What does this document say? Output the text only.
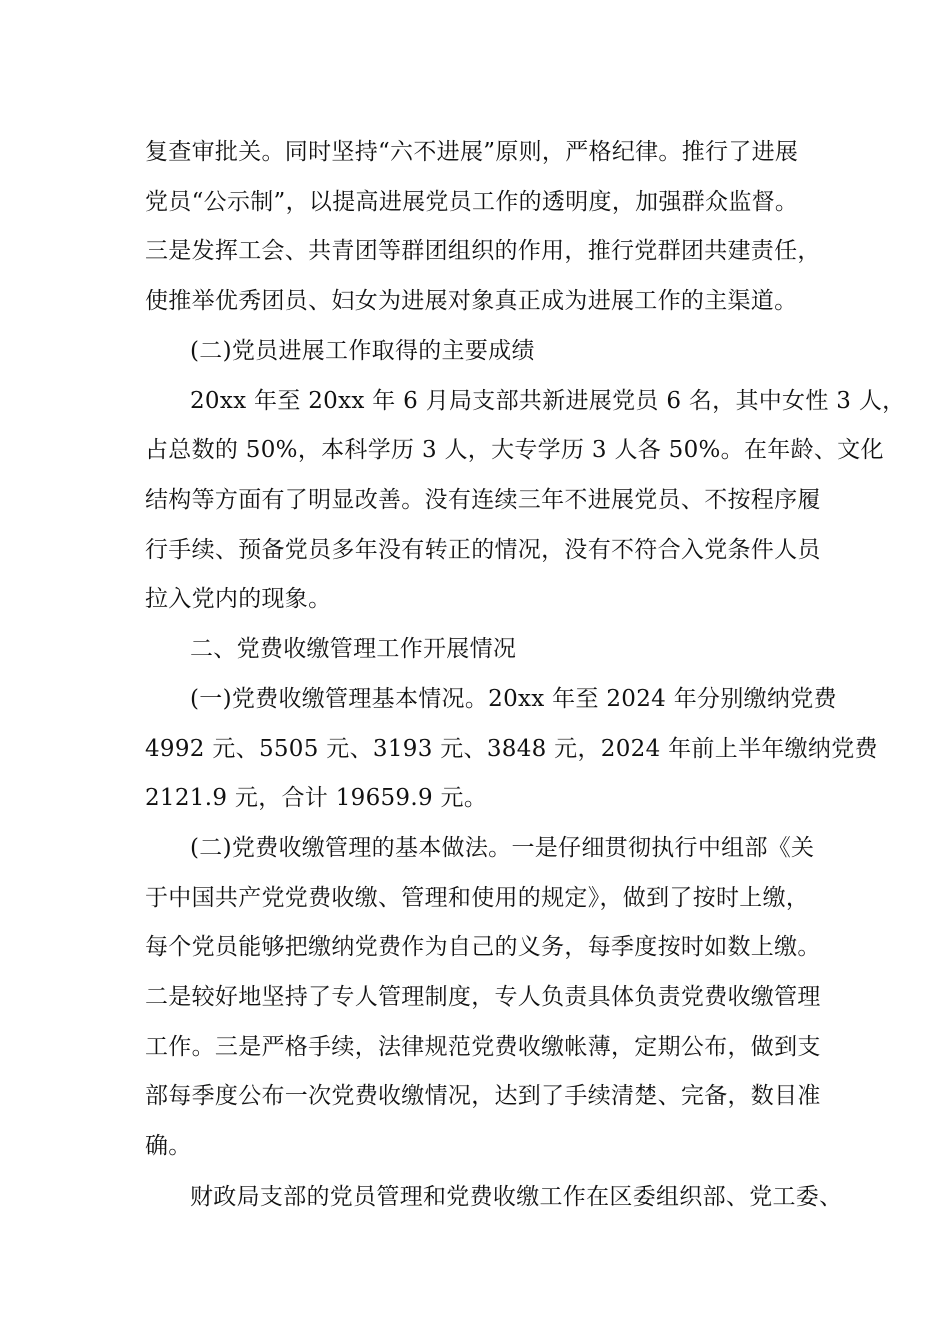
复查审批关。同时坚持“六不进展”原则，严格纪律。推行了进展
党员“公示制”，以提高进展党员工作的透明度，加强群众监督。
三是发挥工会、共青团等群团组织的作用，推行党群团共建责任，
使推举优秀团员、妇女为进展对象真正成为进展工作的主渠道。
(二)党员进展工作取得的主要成绩
20xx 年至 20xx 年 6 月局支部共新进展党员 6 名，其中女性 3 人，
占总数的 50%，本科学历 3 人，大专学历 3 人各 50%。在年龄、文化
结构等方面有了明显改善。没有连续三年不进展党员、不按程序履
行手续、预备党员多年没有转正的情况，没有不符合入党条件人员
拉入党内的现象。
二、党费收缴管理工作开展情况
(一)党费收缴管理基本情况。20xx 年至 2024 年分别缴纳党费
4992 元、5505 元、3193 元、3848 元，2024 年前上半年缴纳党费
2121.9 元，合计 19659.9 元。
(二)党费收缴管理的基本做法。一是仔细贯彻执行中组部《关
于中国共产党党费收缴、管理和使用的规定》，做到了按时上缴，
每个党员能够把缴纳党费作为自己的义务，每季度按时如数上缴。
二是较好地坚持了专人管理制度，专人负责具体负责党费收缴管理
工作。三是严格手续，法律规范党费收缴帐薄，定期公布，做到支
部每季度公布一次党费收缴情况，达到了手续清楚、完备，数目准
确。
财政局支部的党员管理和党费收缴工作在区委组织部、党工委、
